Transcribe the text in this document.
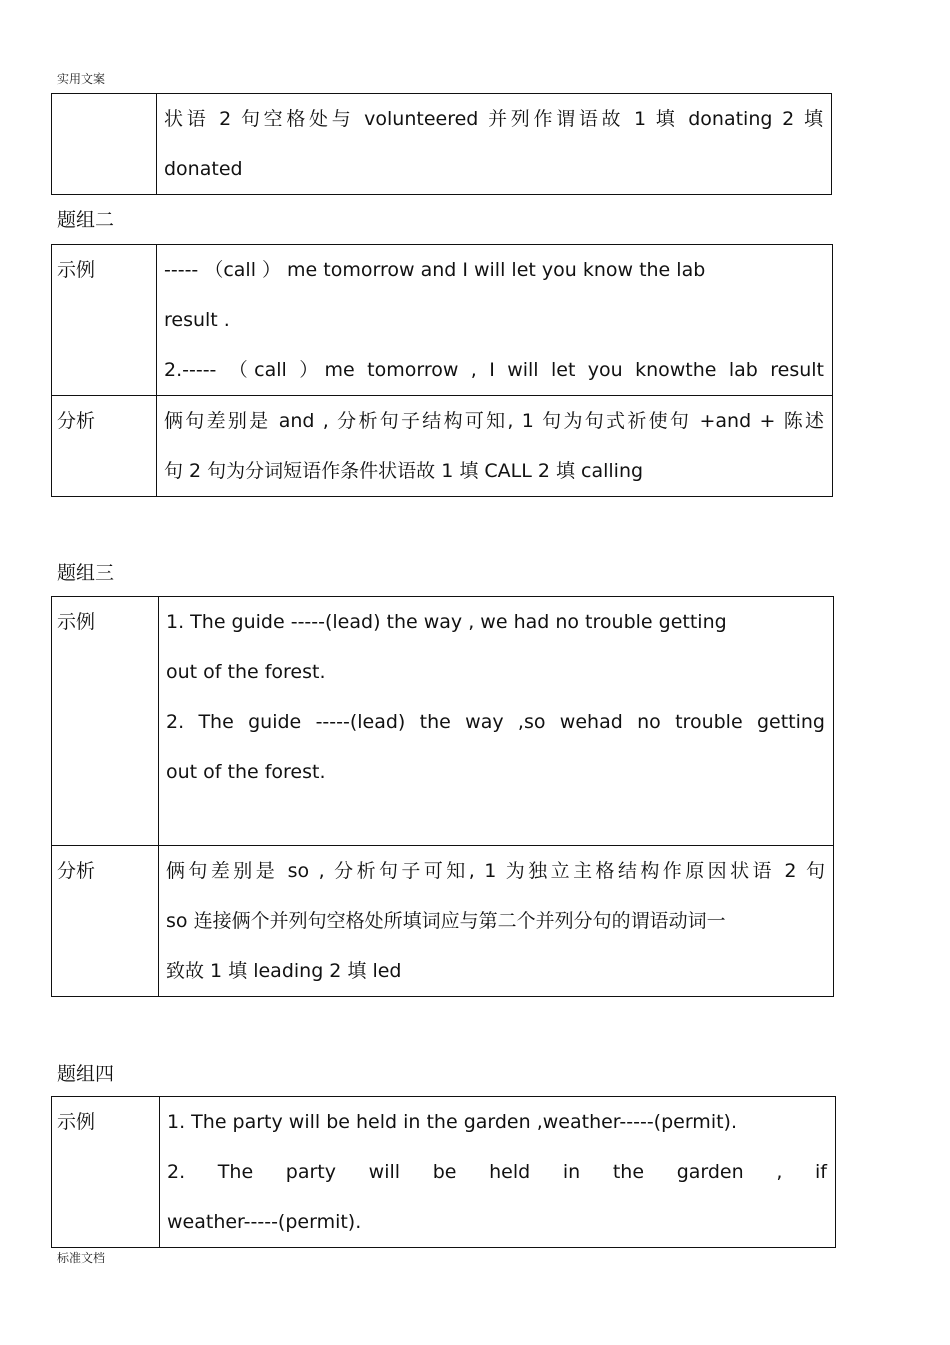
实用文案

状语 2 句空格处与 volunteered 并列作谓语故 1 填 donating 2 填
donated
题组二
示例	----- （call ） me tomorrow and I will let you know the lab
result .
2.----- （call ）me tomorrow , I will let you knowthe lab result

分析	俩句差别是 and , 分析句子结构可知, 1 句为句式祈使句 +and + 陈述
句 2 句为分词短语作条件状语故 1 填 CALL 2 填 calling
题组三
示例	1. The guide -----(lead) the way , we had no trouble getting
out of the forest.
2. The guide -----(lead) the way ,so wehad no trouble getting
out of the forest.

分析	俩句差别是 so , 分析句子可知, 1 为独立主格结构作原因状语 2 句
so 连接俩个并列句空格处所填词应与第二个并列分句的谓语动词一
致故 1 填 leading 2 填 led
题组四
示例	1. The party will be held in the garden ,weather-----(permit).
2. The party will be held in the garden , if
weather-----(permit).
标准文档
